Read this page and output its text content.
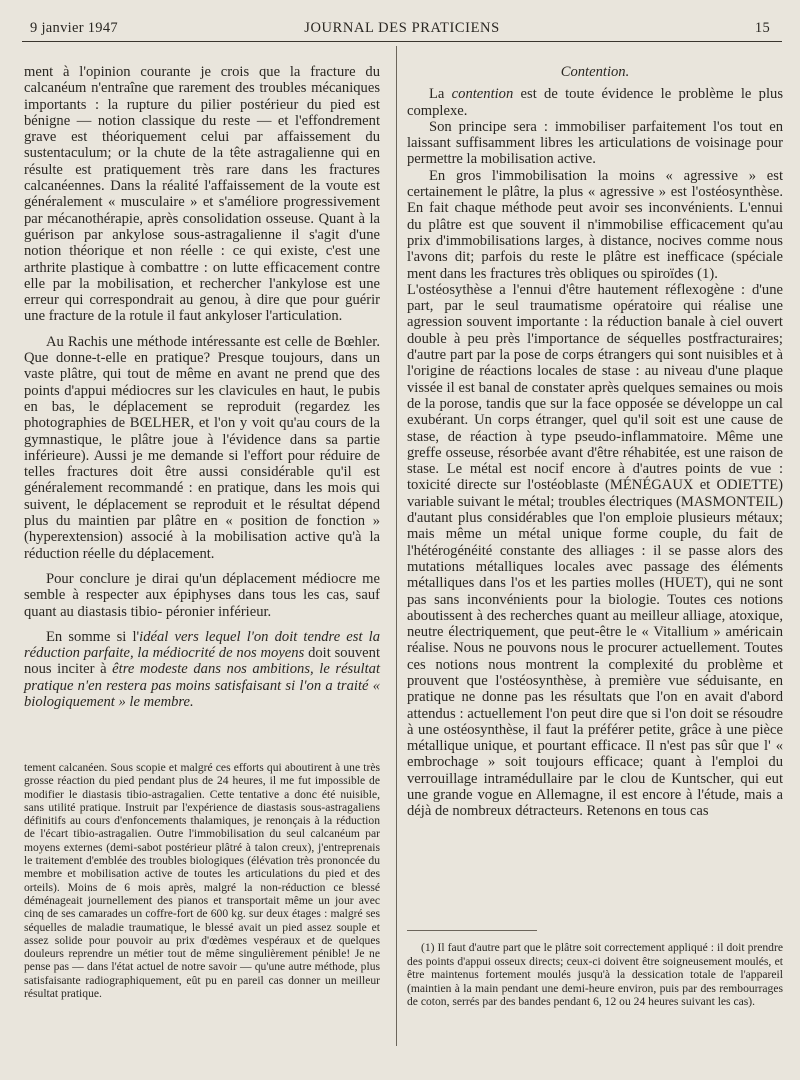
9 janvier 1947	JOURNAL DES PRATICIENS	15

ment à l'opinion courante je crois que la fracture du calcanéum n'entraîne que rarement des troubles mécaniques importants : la rupture du pilier postérieur du pied est bénigne — notion classique du reste — et l'effondrement grave est théoriquement celui par affaissement du sustentaculum; or la chute de la tête astragalienne qui en résulte est pratiquement très rare dans les fractures calcanéennes. Dans la réalité l'affaissement de la voute est généralement « musculaire » et s'améliore progressivement par mécanothérapie, après consolidation osseuse. Quant à la guérison par ankylose sous-astragalienne il s'agit d'une notion théorique et non réelle : ce qui existe, c'est une arthrite plastique à combattre : on lutte efficacement contre elle par la mobilisation, et rechercher l'ankylose est une erreur qui correspondrait au genou, à dire que pour guérir une fracture de la rotule il faut ankyloser l'articulation.

Au Rachis une méthode intéressante est celle de Bœhler. Que donne-t-elle en pratique? Presque toujours, dans un vaste plâtre, qui tout de même en avant ne prend que des points d'appui médiocres sur les clavicules en haut, le pubis en bas, le déplacement se reproduit (regardez les photographies de BŒLHER, et l'on y voit qu'au cours de la gymnastique, le plâtre joue à l'évidence dans sa partie inférieure). Aussi je me demande si l'effort pour réduire de telles fractures doit être aussi considérable qu'il est généralement recommandé : en pratique, dans les mois qui suivent, le déplacement se reproduit et le résultat dépend plus du maintien par plâtre en « position de fonction » (hyperextension) associé à la mobilisation active qu'à la réduction réelle du déplacement.

Pour conclure je dirai qu'un déplacement médiocre me semble à respecter aux épiphyses dans tous les cas, sauf quant au diastasis tibio- péronier inférieur.

En somme si l'idéal vers lequel l'on doit tendre est la réduction parfaite, la médiocrité de nos moyens doit souvent nous inciter à être modeste dans nos ambitions, le résultat pratique n'en restera pas moins satisfaisant si l'on a traité « biologiquement » le membre.

tement calcanéen. Sous scopie et malgré ces efforts qui aboutirent à une très grosse réaction du pied pendant plus de 24 heures, il me fut impossible de modifier le diastasis tibio-astragalien. Cette tentative a donc été nuisible, sans utilité pratique. Instruit par l'expérience de diastasis sous-astragaliens définitifs au cours d'enfoncements thalamiques, je renonçais à la réduction de l'écart tibio-astragalien. Outre l'immobilisation du seul calcanéum par moyens externes (demi-sabot postérieur plâtré à talon creux), j'entreprenais le traitement d'emblée des troubles biologiques (élévation très prononcée du membre et mobilisation active de toutes les articulations du pied et des orteils). Moins de 6 mois après, malgré la non-réduction ce blessé déménageait journellement des pianos et transportait même un jour avec cinq de ses camarades un coffre-fort de 600 kg. sur deux étages : malgré ses séquelles de maladie traumatique, le blessé avait un pied assez souple et assez solide pour pouvoir au prix d'œdèmes vespéraux et de quelques douleurs reprendre un métier tout de même singulièrement pénible! Je ne pense pas — dans l'état actuel de notre savoir — qu'une autre méthode, plus satisfaisante radiographiquement, eût pu en pareil cas donner un meilleur résultat pratique.

Contention.

La contention est de toute évidence le problème le plus complexe.

Son principe sera : immobiliser parfaitement l'os tout en laissant suffisamment libres les articulations de voisinage pour permettre la mobilisation active.

En gros l'immobilisation la moins « agressive » est certainement le plâtre, la plus « agressive » est l'ostéosynthèse. En fait chaque méthode peut avoir ses inconvénients. L'ennui du plâtre est que souvent il n'immobilise efficacement qu'au prix d'immobilisations larges, à distance, nocives comme nous l'avons dit; parfois du reste le plâtre est inefficace (spéciale ment dans les fractures très obliques ou spiroïdes (1).

L'ostéosythèse a l'ennui d'être hautement réflexogène : d'une part, par le seul traumatisme opératoire qui réalise une agression souvent importante : la réduction banale à ciel ouvert double à peu près l'importance de séquelles postfracturaires; d'autre part par la pose de corps étrangers qui sont nuisibles et à l'origine de réactions locales de stase : au niveau d'une plaque vissée il est banal de constater après quelques semaines ou mois de la porose, tandis que sur la face opposée se développe un cal exubérant. Un corps étranger, quel qu'il soit est une cause de stase, de réaction à type pseudo-inflammatoire. Même une greffe osseuse, résorbée avant d'être réhabitée, est une raison de stase. Le métal est nocif encore à d'autres points de vue : toxicité directe sur l'ostéoblaste (MÉNÉGAUX et ODIETTE) variable suivant le métal; troubles électriques (MASMONTEIL) d'autant plus considérables que l'on emploie plusieurs métaux; mais même un métal unique forme couple, du fait de l'hétérogénéité constante des alliages : il se passe alors des mutations métalliques locales avec passage des éléments métalliques dans l'os et les parties molles (HUET), qui ne sont pas sans inconvénients pour la biologie. Toutes ces notions aboutissent à des recherches quant au meilleur alliage, atoxique, neutre électriquement, que peut-être le « Vitallium » américain réalise. Nous ne pouvons nous le procurer actuellement. Toutes ces notions nous montrent la complexité du problème et prouvent que l'ostéosynthèse, à première vue séduisante, en pratique ne donne pas les résultats que l'on en avait d'abord attendus : actuellement l'on peut dire que si l'on doit se résoudre à une ostéosynthèse, il faut la préférer petite, grâce à une pièce métallique unique, et pourtant efficace. Il n'est pas sûr que l' « embrochage » soit toujours efficace; quant à l'emploi du verrouillage intramédullaire par le clou de Kuntscher, qui eut une grande vogue en Allemagne, il est encore à l'étude, mais a déjà de nombreux détracteurs. Retenons en tous cas

(1) Il faut d'autre part que le plâtre soit correctement appliqué : il doit prendre des points d'appui osseux directs; ceux-ci doivent être soigneusement moulés, et être maintenus fortement moulés jusqu'à la dessication totale de l'appareil (maintien à la main pendant une demi-heure environ, puis par des rembourrages de coton, serrés par des bandes pendant 6, 12 ou 24 heures suivant les cas).
